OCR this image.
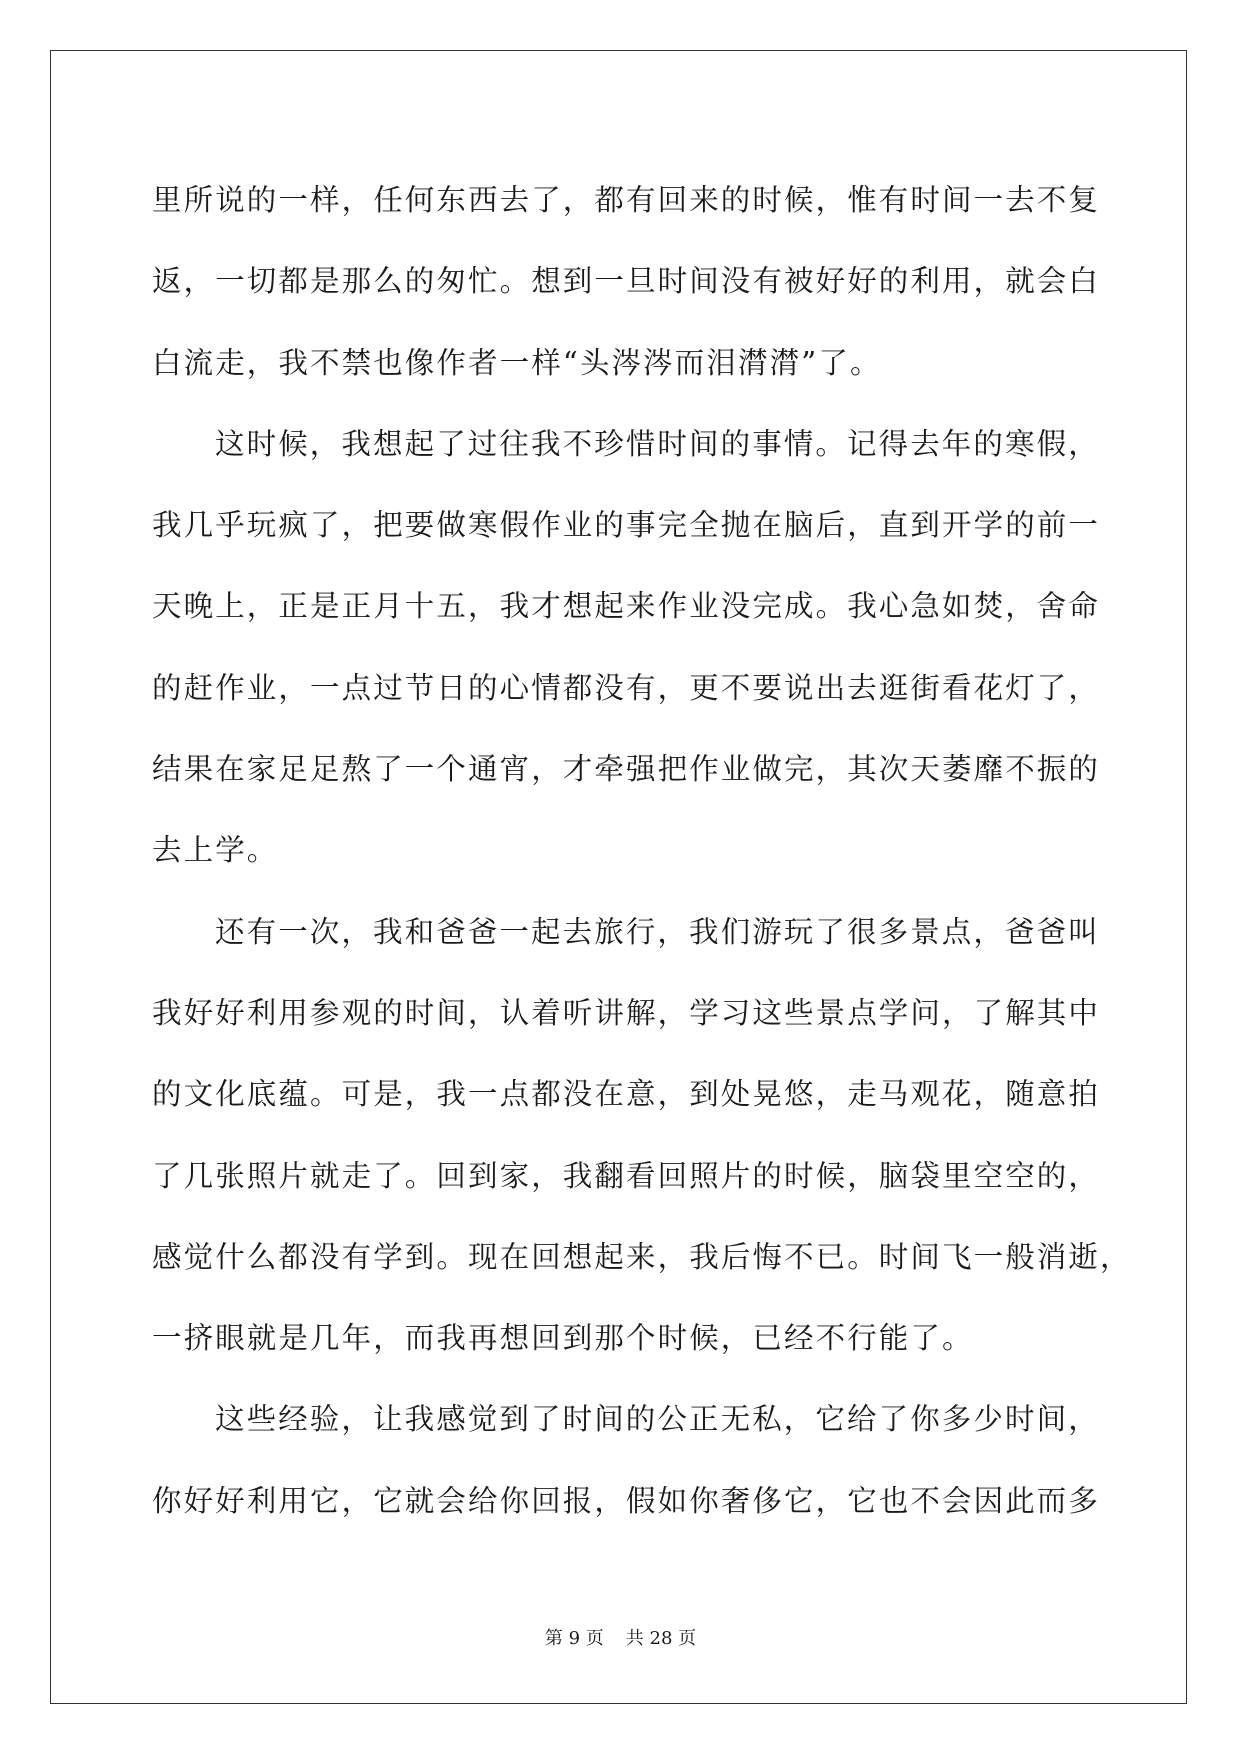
里所说的一样，任何东西去了，都有回来的时候，惟有时间一去不复
返，一切都是那么的匆忙。想到一旦时间没有被好好的利用，就会白
白流走，我不禁也像作者一样“头涔涔而泪潸潸”了。
这时候，我想起了过往我不珍惜时间的事情。记得去年的寒假，
我几乎玩疯了，把要做寒假作业的事完全抛在脑后，直到开学的前一
天晚上，正是正月十五，我才想起来作业没完成。我心急如焚，舍命
的赶作业，一点过节日的心情都没有，更不要说出去逛街看花灯了，
结果在家足足熬了一个通宵，才牵强把作业做完，其次天萎靡不振的
去上学。
还有一次，我和爸爸一起去旅行，我们游玩了很多景点，爸爸叫
我好好利用参观的时间，认着听讲解，学习这些景点学问，了解其中
的文化底蕴。可是，我一点都没在意，到处晃悠，走马观花，随意拍
了几张照片就走了。回到家，我翻看回照片的时候，脑袋里空空的，
感觉什么都没有学到。现在回想起来，我后悔不已。时间飞一般消逝，
一挤眼就是几年，而我再想回到那个时候，已经不行能了。
这些经验，让我感觉到了时间的公正无私，它给了你多少时间，
你好好利用它，它就会给你回报，假如你奢侈它，它也不会因此而多
第 9 页 共 28 页
